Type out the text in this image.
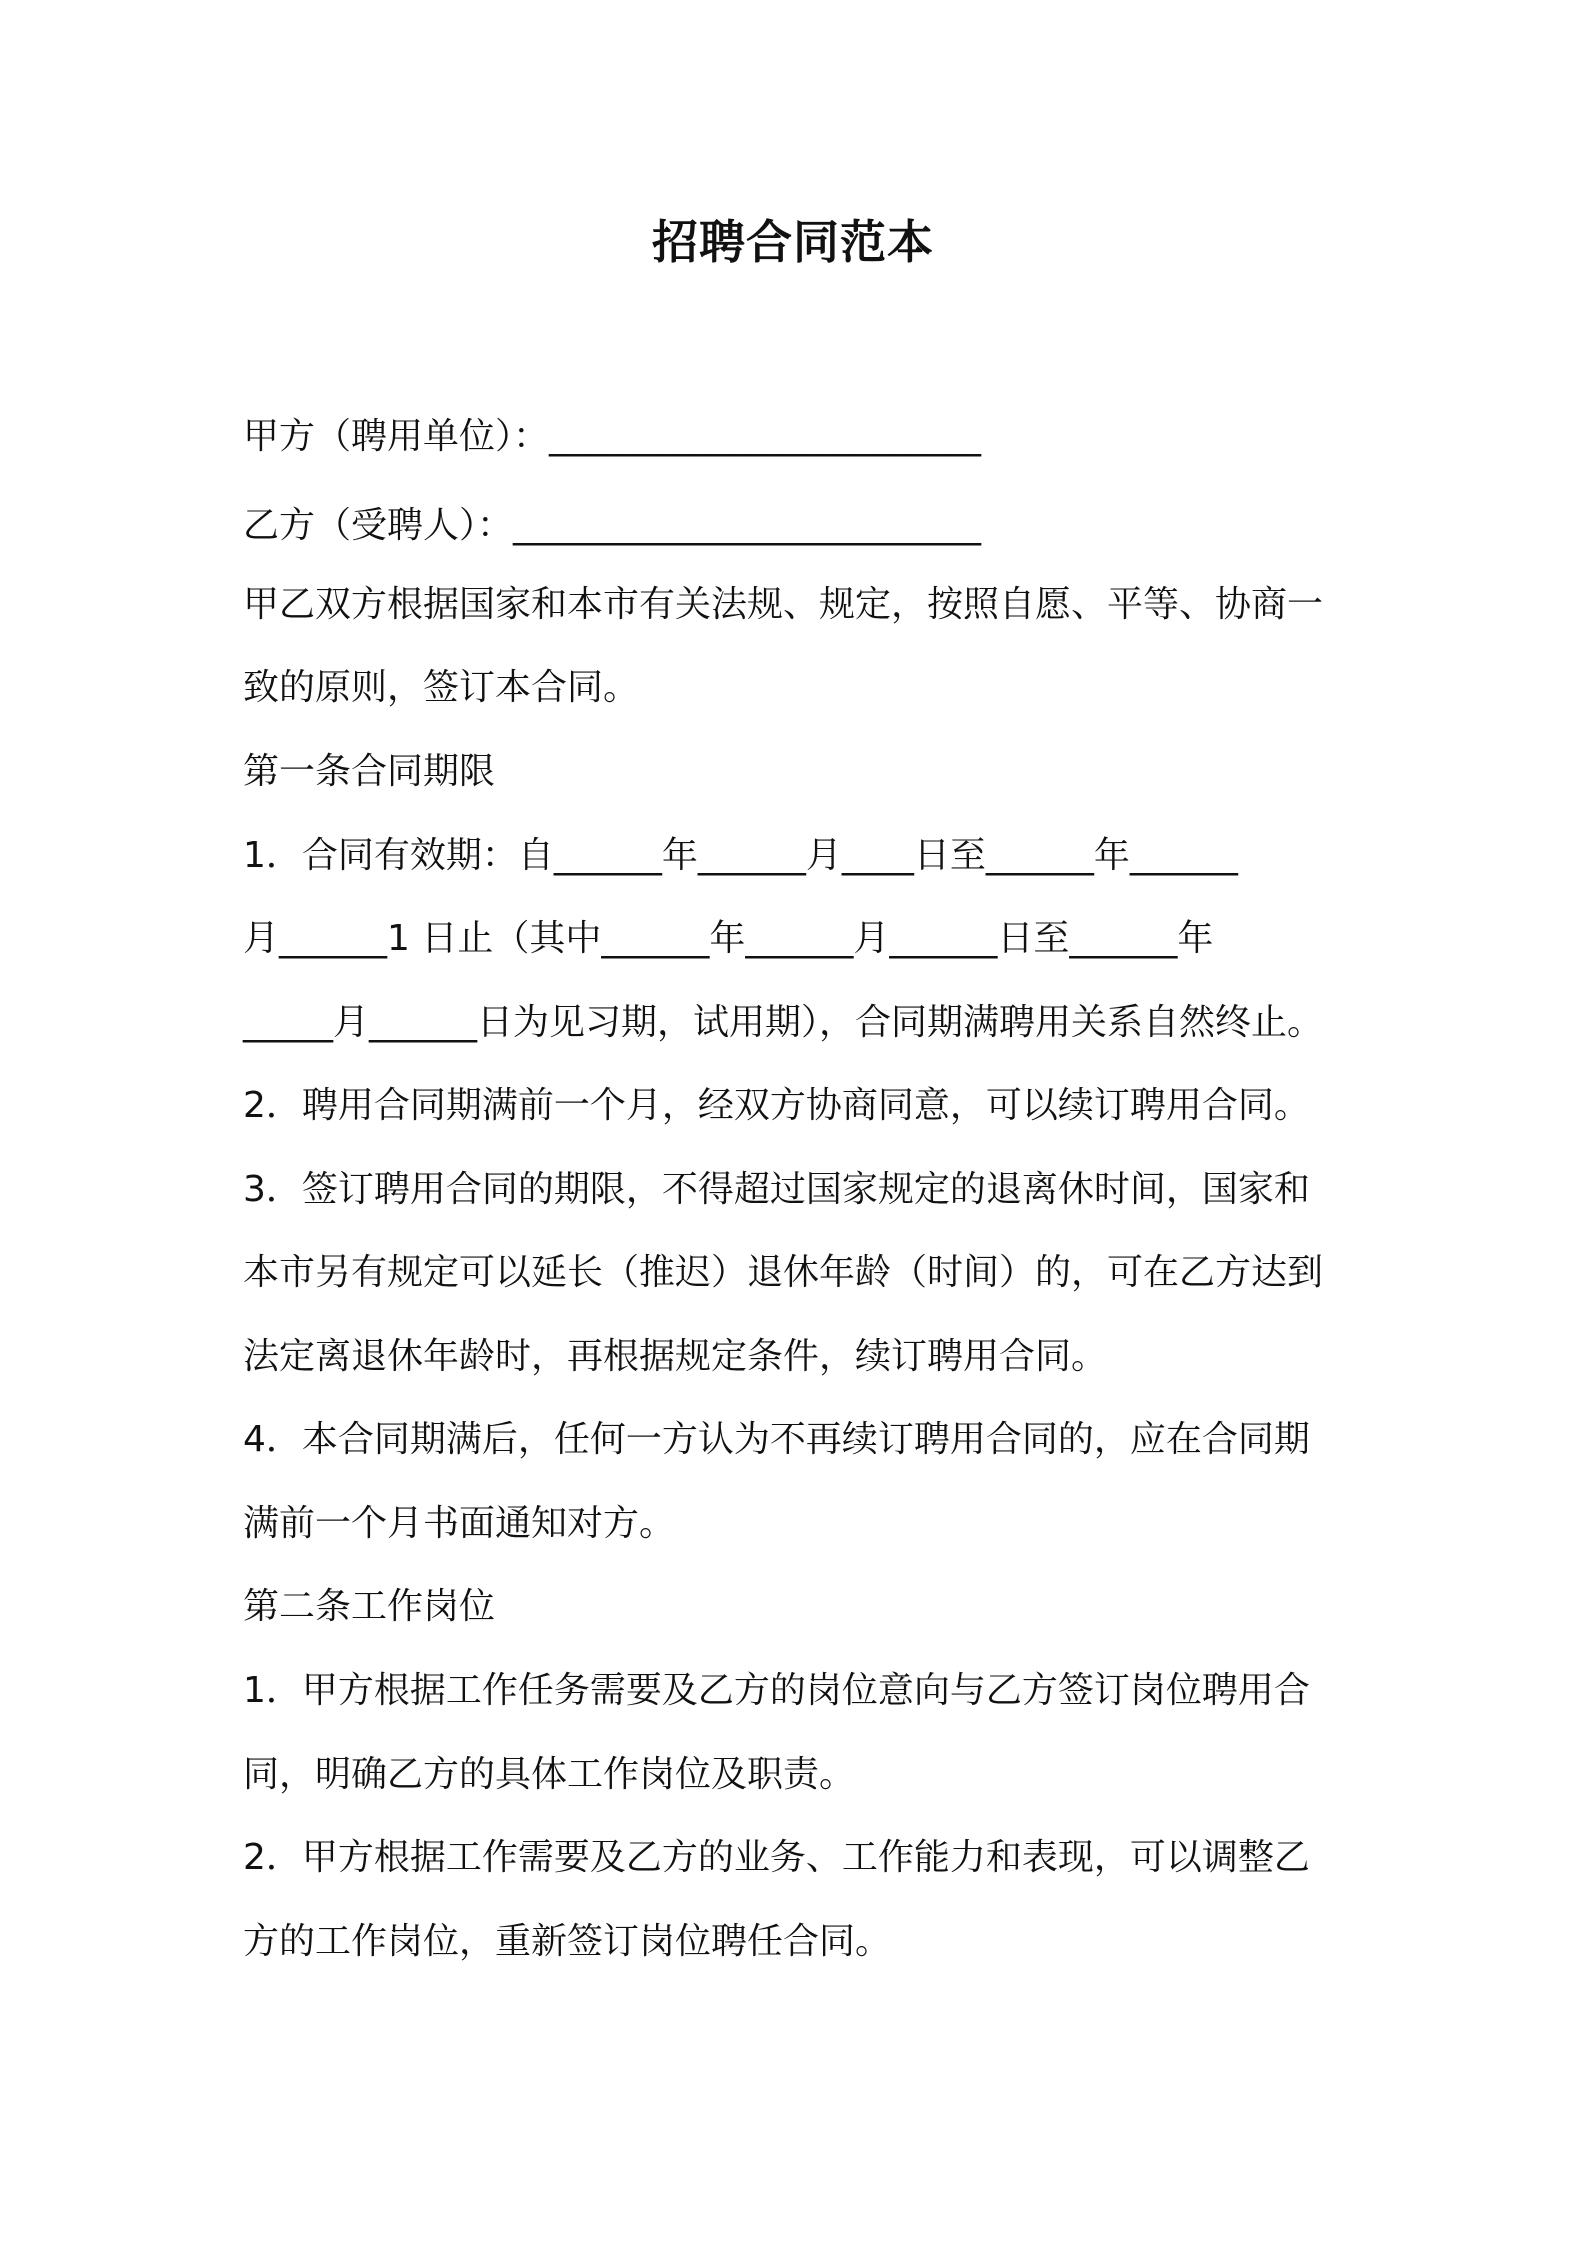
招聘合同范本
甲方（聘用单位）：________________________
乙方（受聘人）：__________________________
甲乙双方根据国家和本市有关法规、规定，按照自愿、平等、协商一
致的原则，签订本合同。
第一条合同期限
1．合同有效期：自______年______月____日至______年______
月______1 日止（其中______年______月______日至______年
_____月______日为见习期，试用期），合同期满聘用关系自然终止。
2．聘用合同期满前一个月，经双方协商同意，可以续订聘用合同。
3．签订聘用合同的期限，不得超过国家规定的退离休时间，国家和
本市另有规定可以延长（推迟）退休年龄（时间）的，可在乙方达到
法定离退休年龄时，再根据规定条件，续订聘用合同。
4．本合同期满后，任何一方认为不再续订聘用合同的，应在合同期
满前一个月书面通知对方。
第二条工作岗位
1．甲方根据工作任务需要及乙方的岗位意向与乙方签订岗位聘用合
同，明确乙方的具体工作岗位及职责。
2．甲方根据工作需要及乙方的业务、工作能力和表现，可以调整乙
方的工作岗位，重新签订岗位聘任合同。
